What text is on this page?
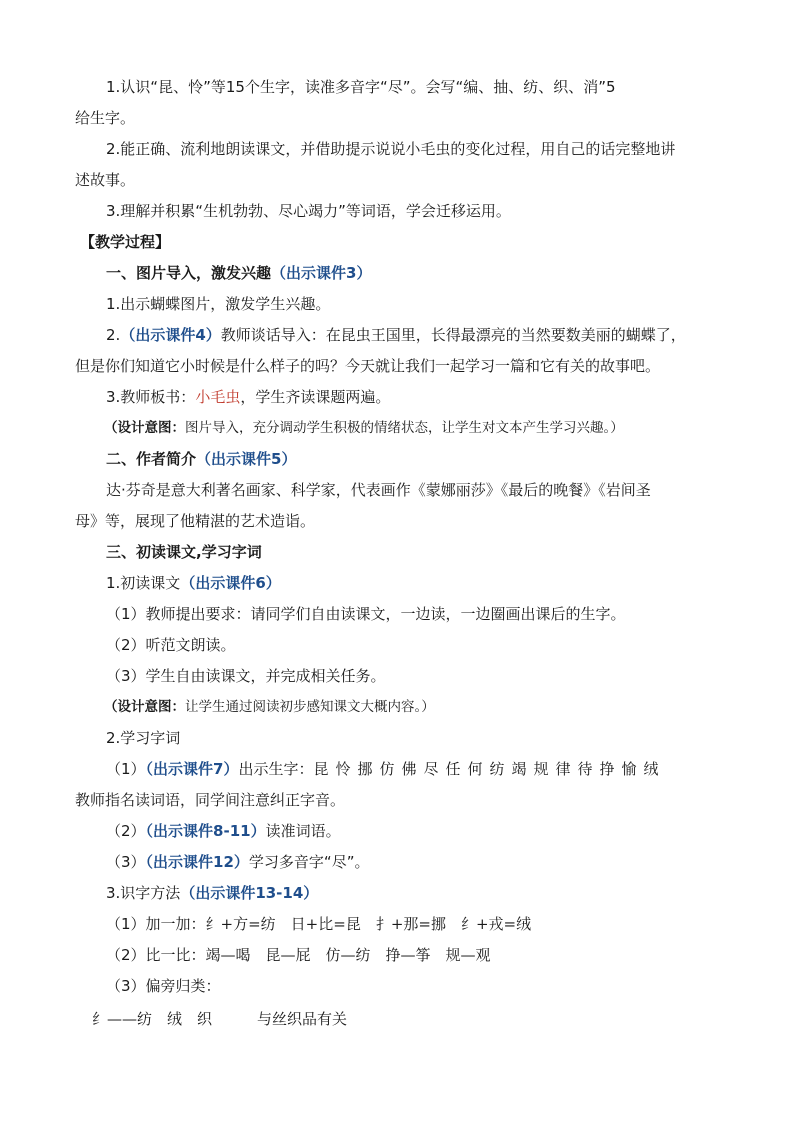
1.认识“昆、怜”等15个生字，读准多音字“尽”。会写“编、抽、纺、织、消”5
给生字。
2.能正确、流利地朗读课文，并借助提示说说小毛虫的变化过程，用自己的话完整地讲
述故事。
3.理解并积累“生机勃勃、尽心竭力”等词语，学会迁移运用。
【教学过程】
一、图片导入，激发兴趣（出示课件3）
1.出示蝴蝶图片，激发学生兴趣。
2.（出示课件4）教师谈话导入：在昆虫王国里，长得最漂亮的当然要数美丽的蝴蝶了，
但是你们知道它小时候是什么样子的吗？今天就让我们一起学习一篇和它有关的故事吧。
3.教师板书：小毛虫，学生齐读课题两遍。
（设计意图：图片导入，充分调动学生积极的情绪状态，让学生对文本产生学习兴趣。）
二、作者简介（出示课件5）
达·芬奇是意大利著名画家、科学家，代表画作《蒙娜丽莎》《最后的晚餐》《岩间圣
母》等，展现了他精湛的艺术造诣。
三、初读课文,学习字词
1.初读课文（出示课件6）
（1）教师提出要求：请同学们自由读课文，一边读，一边圈画出课后的生字。
（2）听范文朗读。
（3）学生自由读课文，并完成相关任务。
（设计意图：让学生通过阅读初步感知课文大概内容。）
2.学习字词
（1）（出示课件7）出示生字：昆怜挪仿佛尽任何纺竭规律待挣愉绒
教师指名读词语，同学间注意纠正字音。
（2）（出示课件8-11）读准词语。
（3）（出示课件12）学习多音字“尽”。
3.识字方法（出示课件13-14）
（1）加一加：纟+方=纺　日+比=昆　扌+那=挪　纟+戎=绒
（2）比一比：竭—喝　昆—屁　仿—纺　挣—筝　规—观
（3）偏旁归类：
纟——纺　绒　织　　　与丝织品有关
